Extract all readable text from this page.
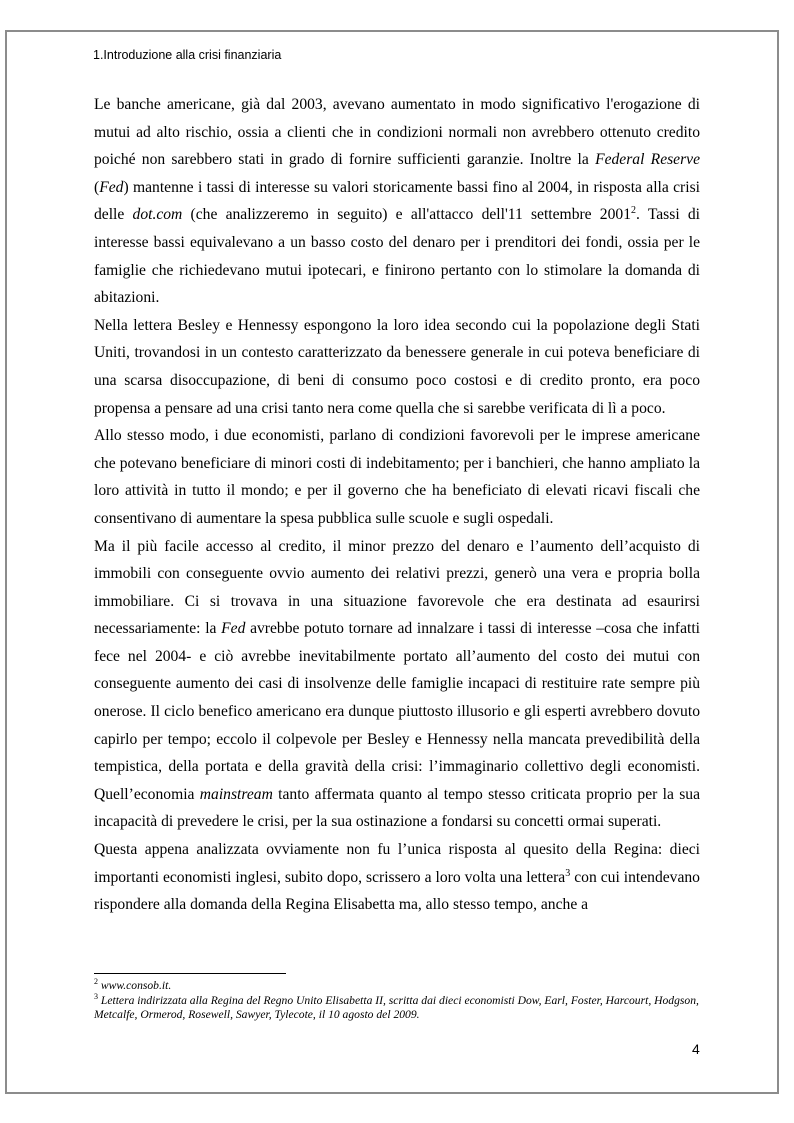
1.Introduzione alla crisi finanziaria

Le banche americane, già dal 2003, avevano aumentato in modo significativo l'erogazione di mutui ad alto rischio, ossia a clienti che in condizioni normali non avrebbero ottenuto credito poiché non sarebbero stati in grado di fornire sufficienti garanzie. Inoltre la Federal Reserve (Fed) mantenne i tassi di interesse su valori storicamente bassi fino al 2004, in risposta alla crisi delle dot.com (che analizzeremo in seguito) e all'attacco dell'11 settembre 2001$^2$. Tassi di interesse bassi equivalevano a un basso costo del denaro per i prenditori dei fondi, ossia per le famiglie che richiedevano mutui ipotecari, e finirono pertanto con lo stimolare la domanda di abitazioni.

Nella lettera Besley e Hennessy espongono la loro idea secondo cui la popolazione degli Stati Uniti, trovandosi in un contesto caratterizzato da benessere generale in cui poteva beneficiare di una scarsa disoccupazione, di beni di consumo poco costosi e di credito pronto, era poco propensa a pensare ad una crisi tanto nera come quella che si sarebbe verificata di lì a poco.

Allo stesso modo, i due economisti, parlano di condizioni favorevoli per le imprese americane che potevano beneficiare di minori costi di indebitamento; per i banchieri, che hanno ampliato la loro attività in tutto il mondo; e per il governo che ha beneficiato di elevati ricavi fiscali che consentivano di aumentare la spesa pubblica sulle scuole e sugli ospedali.

Ma il più facile accesso al credito, il minor prezzo del denaro e l’aumento dell’acquisto di immobili con conseguente ovvio aumento dei relativi prezzi, generò una vera e propria bolla immobiliare. Ci si trovava in una situazione favorevole che era destinata ad esaurirsi necessariamente: la Fed avrebbe potuto tornare ad innalzare i tassi di interesse –cosa che infatti fece nel 2004- e ciò avrebbe inevitabilmente portato all’aumento del costo dei mutui con conseguente aumento dei casi di insolvenze delle famiglie incapaci di restituire rate sempre più onerose. Il ciclo benefico americano era dunque piuttosto illusorio e gli esperti avrebbero dovuto capirlo per tempo; eccolo il colpevole per Besley e Hennessy nella mancata prevedibilità della tempistica, della portata e della gravità della crisi: l’immaginario collettivo degli economisti. Quell’economia mainstream tanto affermata quanto al tempo stesso criticata proprio per la sua incapacità di prevedere le crisi, per la sua ostinazione a fondarsi su concetti ormai superati.

Questa appena analizzata ovviamente non fu l’unica risposta al quesito della Regina: dieci importanti economisti inglesi, subito dopo, scrissero a loro volta una lettera$^3$ con cui intendevano rispondere alla domanda della Regina Elisabetta ma, allo stesso tempo, anche a

$^2$ www.consob.it.

$^3$ Lettera indirizzata alla Regina del Regno Unito Elisabetta II, scritta dai dieci economisti Dow, Earl, Foster, Harcourt, Hodgson, Metcalfe, Ormerod, Rosewell, Sawyer, Tylecote, il 10 agosto del 2009.

4
